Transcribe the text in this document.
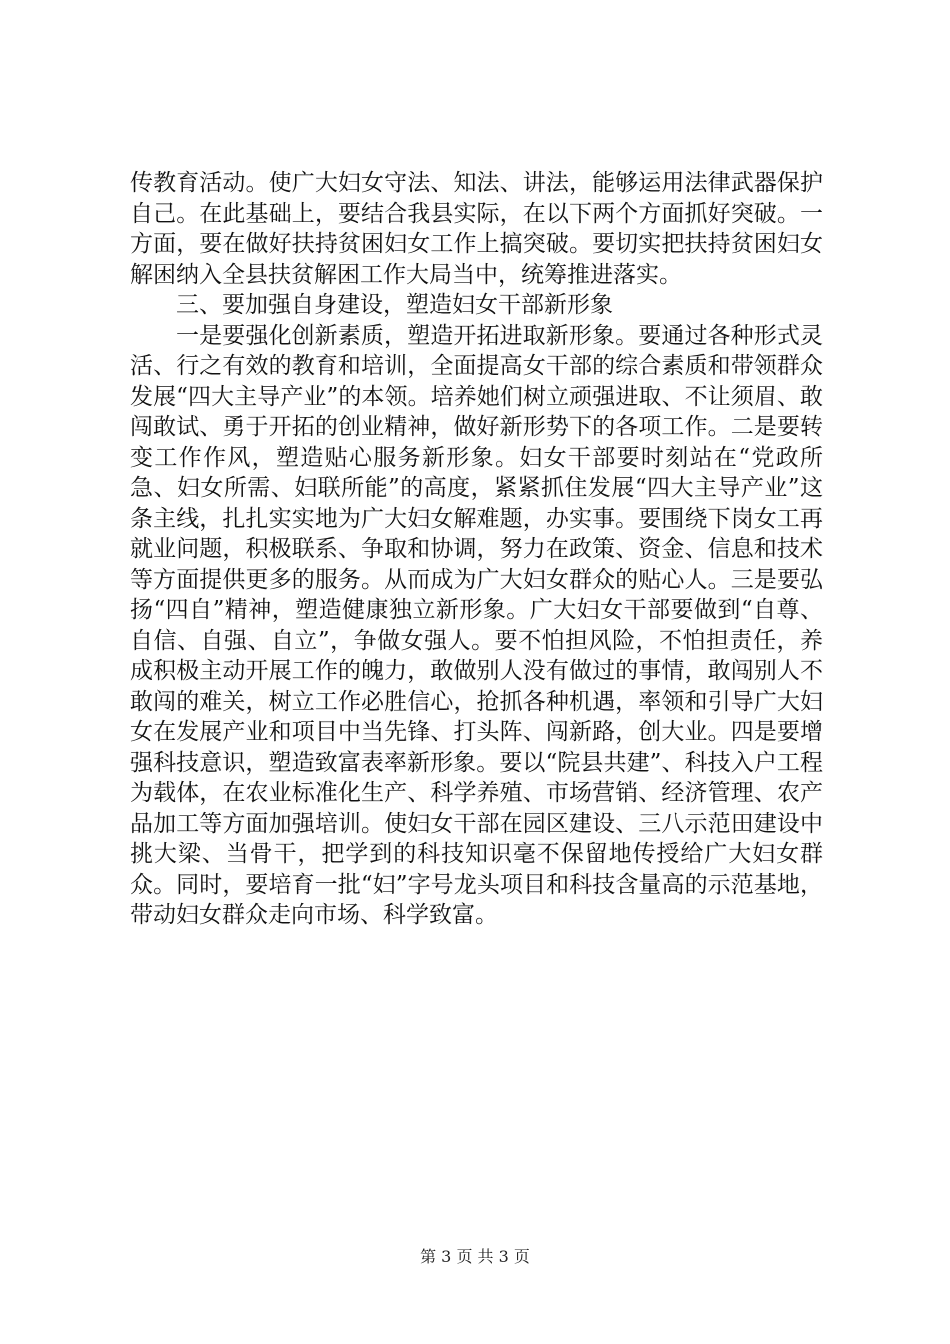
传教育活动。使广大妇女守法、知法、讲法，能够运用法律武器保护自己。在此基础上，要结合我县实际，在以下两个方面抓好突破。一方面，要在做好扶持贫困妇女工作上搞突破。要切实把扶持贫困妇女解困纳入全县扶贫解困工作大局当中，统筹推进落实。

三、要加强自身建设，塑造妇女干部新形象

一是要强化创新素质，塑造开拓进取新形象。要通过各种形式灵活、行之有效的教育和培训，全面提高女干部的综合素质和带领群众发展“四大主导产业”的本领。培养她们树立顽强进取、不让须眉、敢闯敢试、勇于开拓的创业精神，做好新形势下的各项工作。二是要转变工作作风，塑造贴心服务新形象。妇女干部要时刻站在“党政所急、妇女所需、妇联所能”的高度，紧紧抓住发展“四大主导产业”这条主线，扎扎实实地为广大妇女解难题，办实事。要围绕下岗女工再就业问题，积极联系、争取和协调，努力在政策、资金、信息和技术等方面提供更多的服务。从而成为广大妇女群众的贴心人。三是要弘扬“四自”精神，塑造健康独立新形象。广大妇女干部要做到“自尊、自信、自强、自立”，争做女强人。要不怕担风险，不怕担责任，养成积极主动开展工作的魄力，敢做别人没有做过的事情，敢闯别人不敢闯的难关，树立工作必胜信心，抢抓各种机遇，率领和引导广大妇女在发展产业和项目中当先锋、打头阵、闯新路，创大业。四是要增强科技意识，塑造致富表率新形象。要以“院县共建”、科技入户工程为载体，在农业标准化生产、科学养殖、市场营销、经济管理、农产品加工等方面加强培训。使妇女干部在园区建设、三八示范田建设中挑大梁、当骨干，把学到的科技知识毫不保留地传授给广大妇女群众。同时，要培育一批“妇”字号龙头项目和科技含量高的示范基地，带动妇女群众走向市场、科学致富。

第 3 页 共 3 页
